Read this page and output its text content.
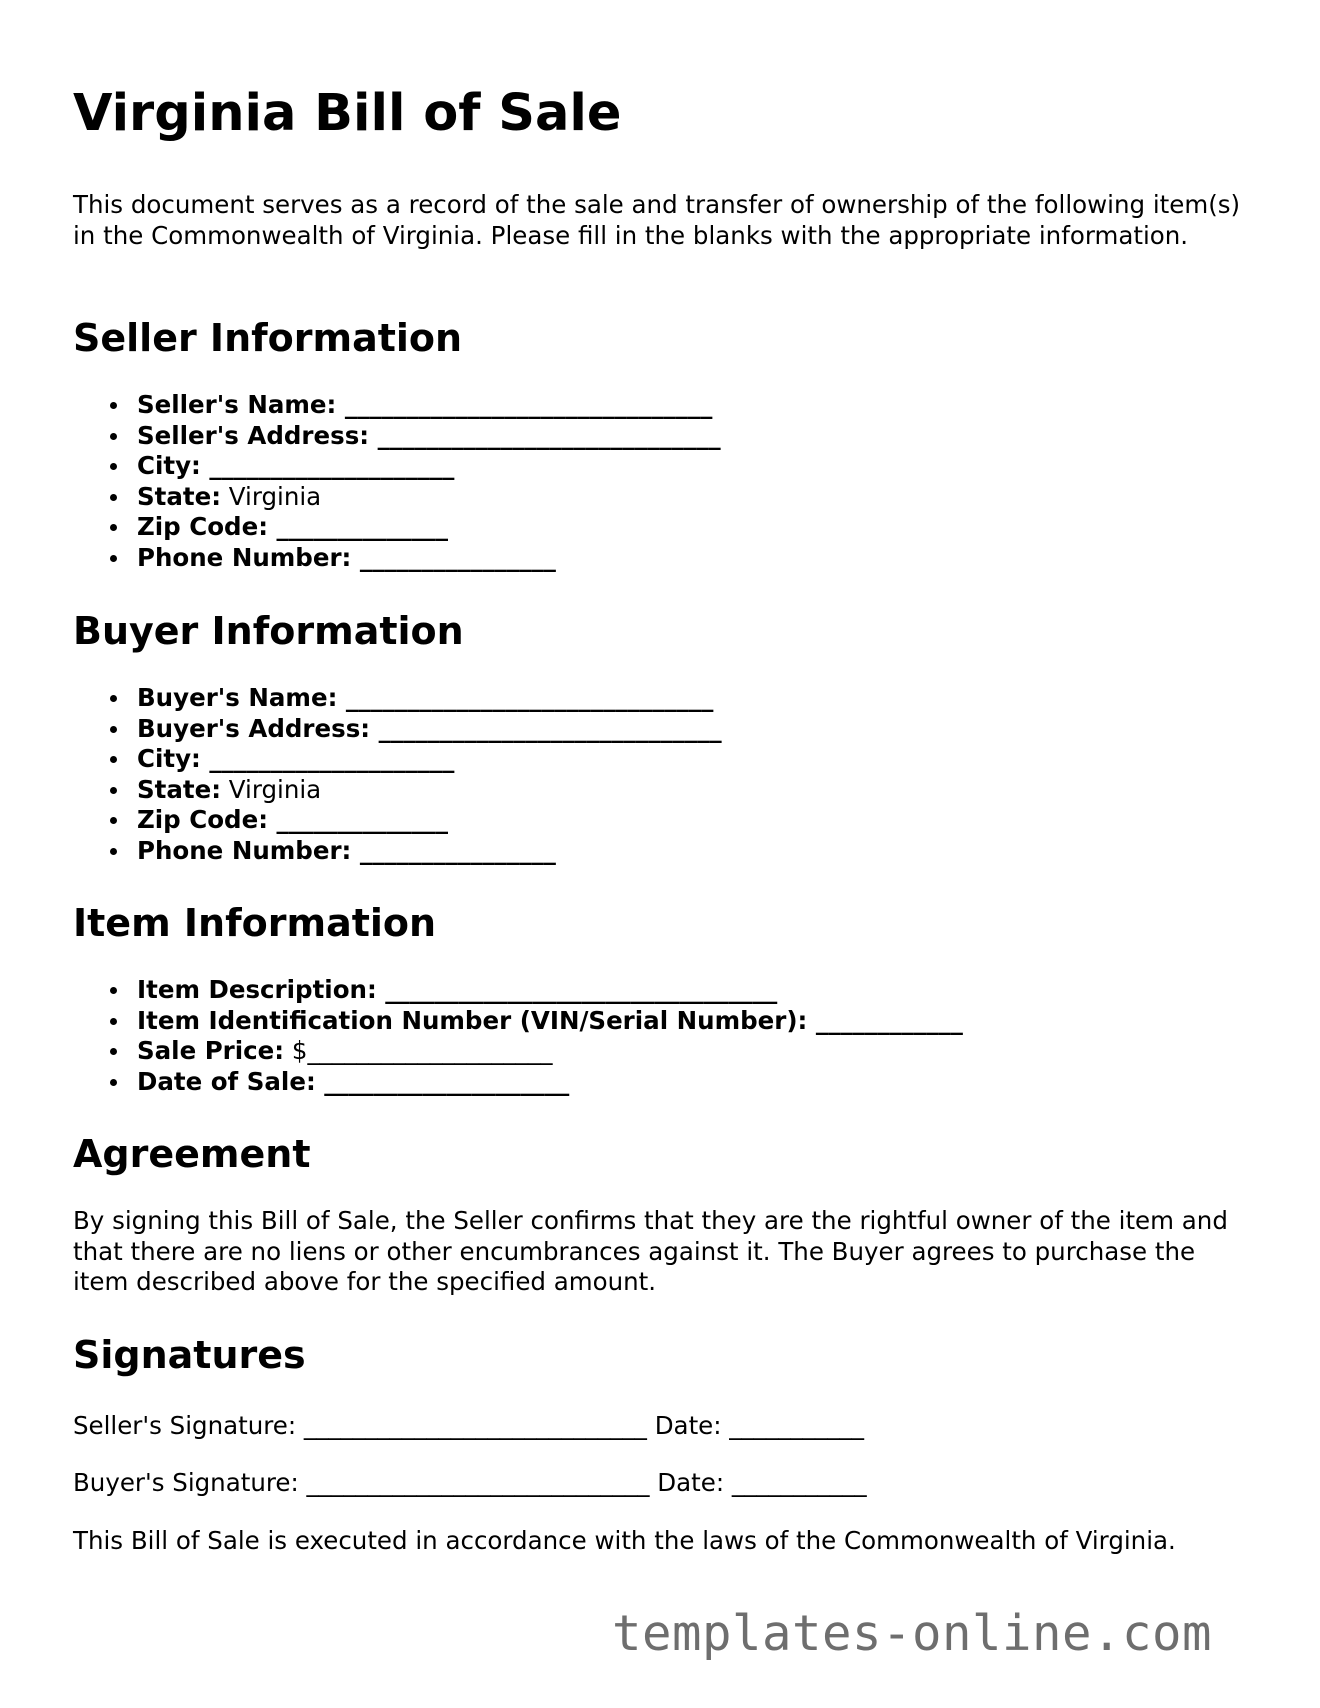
Virginia Bill of Sale

This document serves as a record of the sale and transfer of ownership of the following item(s) in the Commonwealth of Virginia. Please fill in the blanks with the appropriate information.

Seller Information
Seller's Name: ______________________________
Seller's Address: ____________________________
City: ____________________
State: Virginia
Zip Code: ______________
Phone Number: ________________
Buyer Information
Buyer's Name: ______________________________
Buyer's Address: ____________________________
City: ____________________
State: Virginia
Zip Code: ______________
Phone Number: ________________
Item Information
Item Description: ________________________________
Item Identification Number (VIN/Serial Number): ____________
Sale Price: $____________________
Date of Sale: ____________________
Agreement

By signing this Bill of Sale, the Seller confirms that they are the rightful owner of the item and that there are no liens or other encumbrances against it. The Buyer agrees to purchase the item described above for the specified amount.

Signatures

Seller's Signature: ____________________________ Date: ___________

Buyer's Signature: ____________________________ Date: ___________

This Bill of Sale is executed in accordance with the laws of the Commonwealth of Virginia.

templates-online.com
